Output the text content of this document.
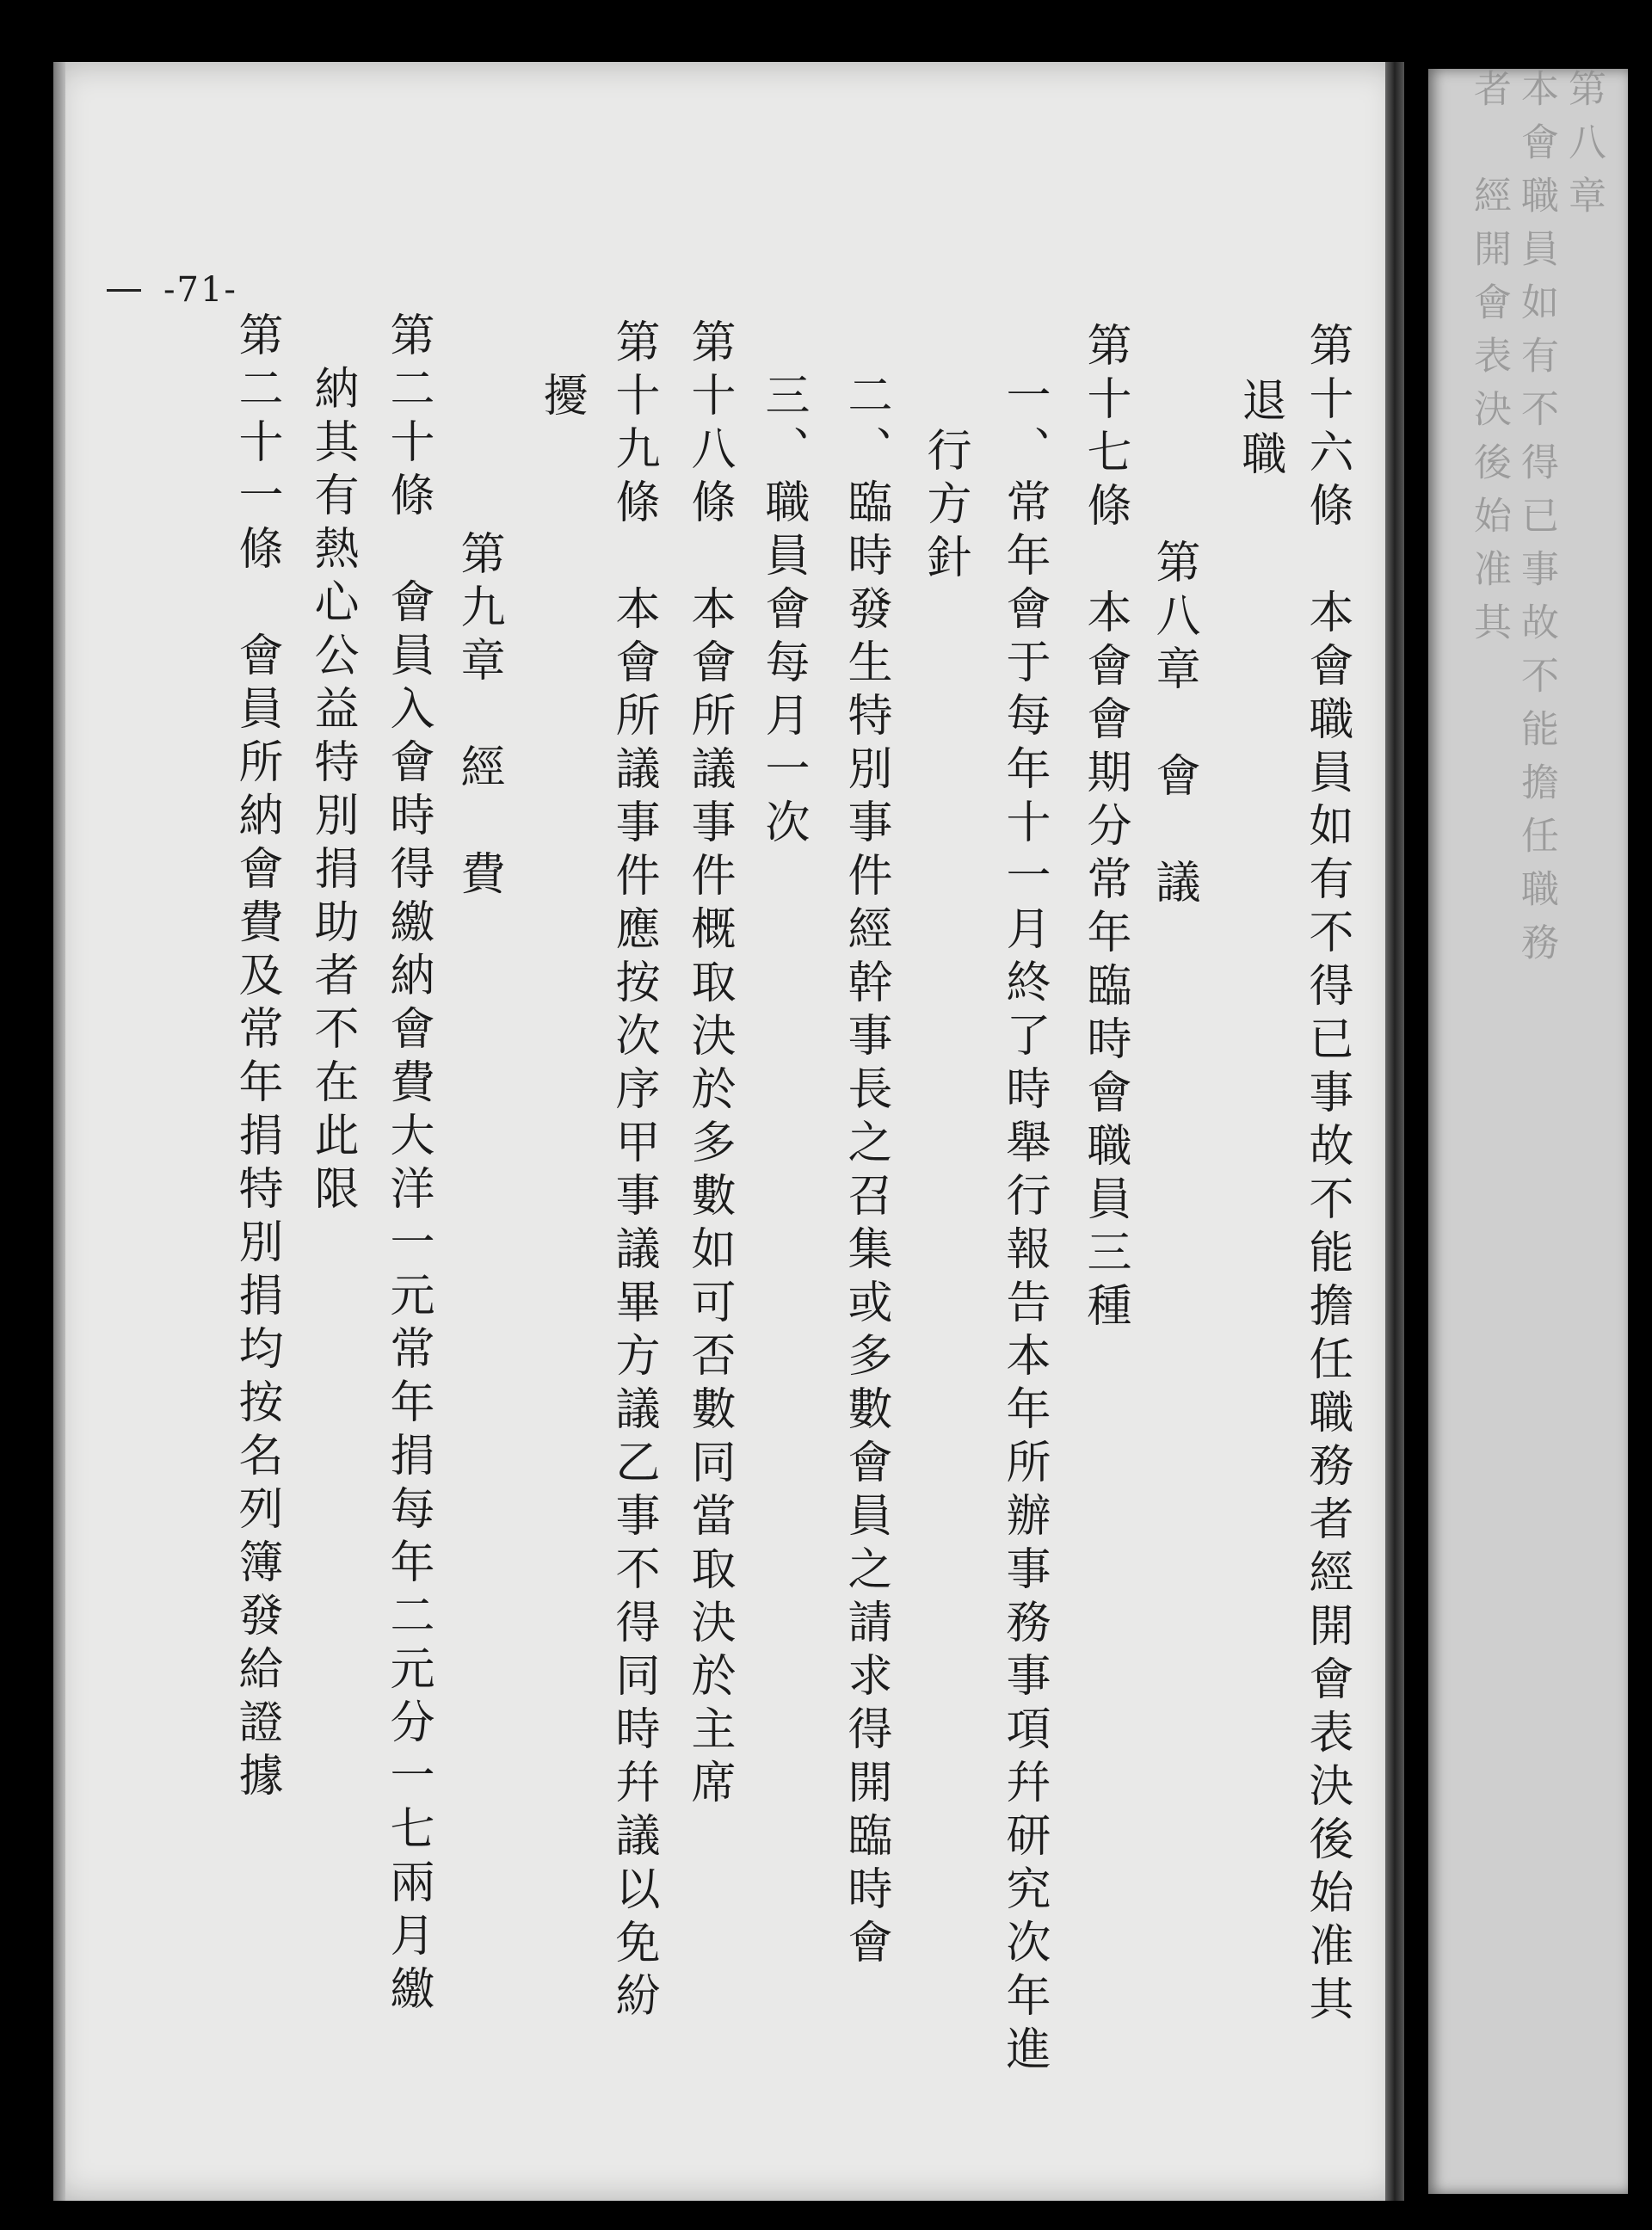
第八章
本會職員如有不得已事故不能擔任職務
者　經開會表決後始准其
-71-
第十六條　本會職員如有不得已事故不能擔任職務者經開會表決後始准其
退職
第八章　會　議
第十七條　本會會期分常年臨時會職員三種
一、常年會于每年十一月終了時舉行報告本年所辦事務事項幷研究次年進
行方針
二、臨時發生特別事件經幹事長之召集或多數會員之請求得開臨時會
三、職員會每月一次
第十八條　本會所議事件概取決於多數如可否數同當取決於主席
第十九條　本會所議事件應按次序甲事議畢方議乙事不得同時幷議以免紛
擾
第九章　經　費
第二十條　會員入會時得繳納會費大洋一元常年捐每年二元分一七兩月繳
納其有熱心公益特別捐助者不在此限
第二十一條　會員所納會費及常年捐特別捐均按名列簿發給證據
